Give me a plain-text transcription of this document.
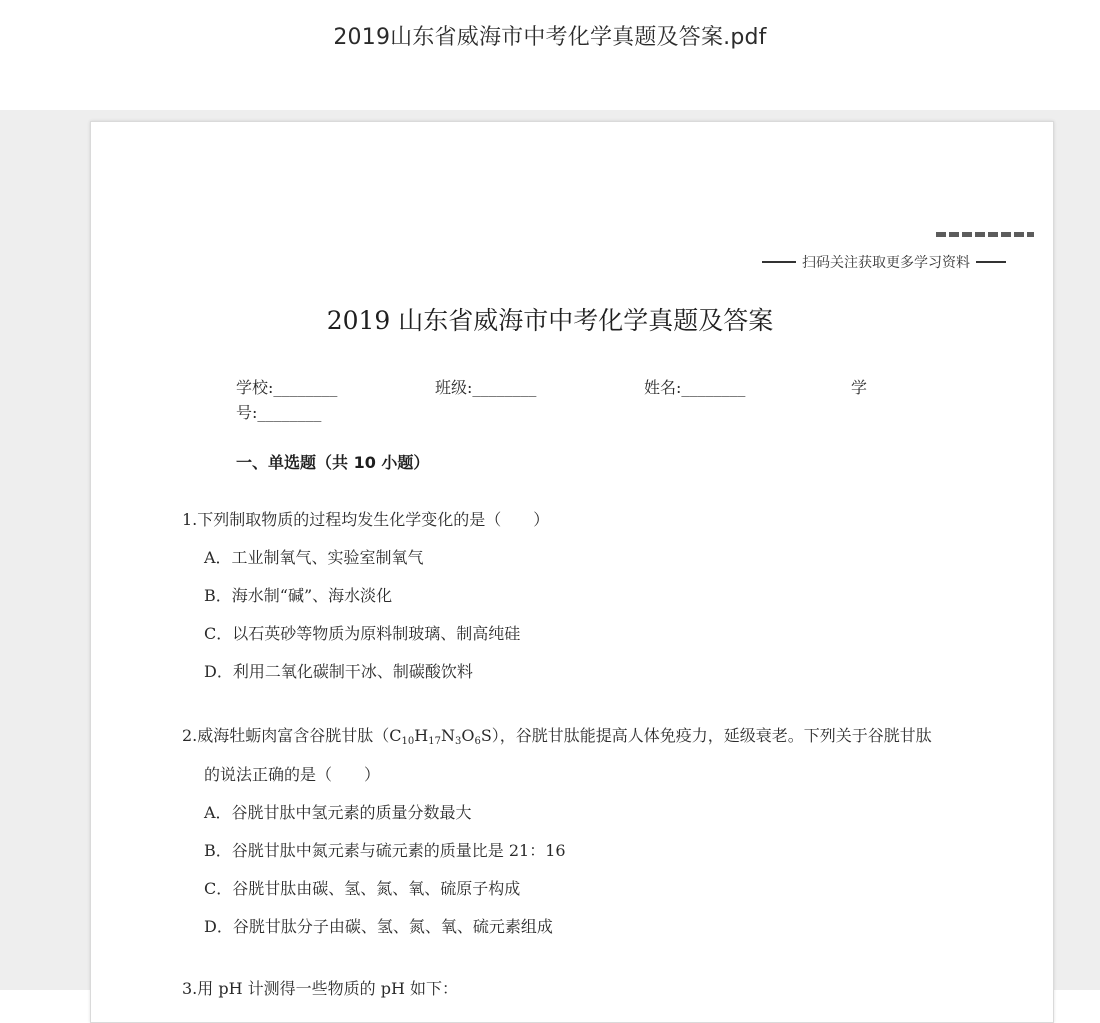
2019山东省威海市中考化学真题及答案.pdf
扫码关注获取更多学习资料
2019 山东省威海市中考化学真题及答案
学校:________	班级:________	姓名:________	学
号:________
一、单选题（共 10 小题）
1.下列制取物质的过程均发生化学变化的是（　　）
A．工业制氧气、实验室制氧气
B．海水制“碱”、海水淡化
C．以石英砂等物质为原料制玻璃、制高纯硅
D．利用二氧化碳制干冰、制碳酸饮料
2.威海牡蛎肉富含谷胱甘肽$(C_{10}H_{17}N_3O_6S)$，谷胱甘肽能提高人体免疫力，延级衰老。下列关于谷胱甘肽
的说法正确的是（　　）
A．谷胱甘肽中氢元素的质量分数最大
B．谷胱甘肽中氮元素与硫元素的质量比是 21：16
C．谷胱甘肽由碳、氢、氮、氧、硫原子构成
D．谷胱甘肽分子由碳、氢、氮、氧、硫元素组成
3.用 pH 计测得一些物质的 pH 如下：
